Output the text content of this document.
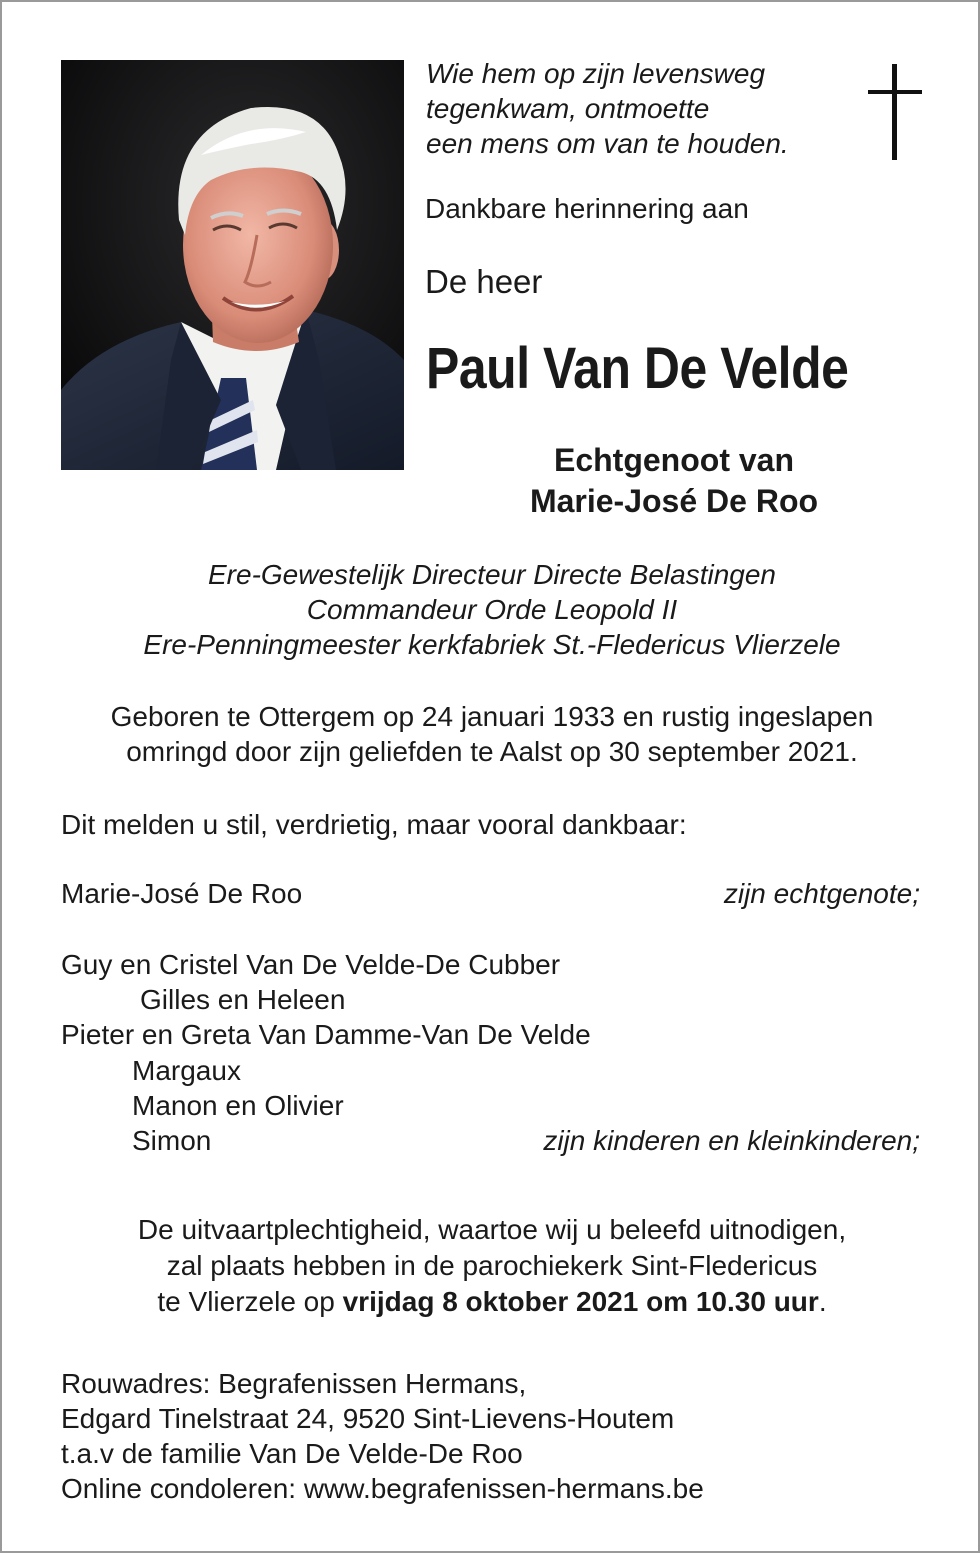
Wie hem op zijn levensweg
tegenkwam, ontmoette
een mens om van te houden.
Dankbare herinnering aan
De heer
Paul Van De Velde
Echtgenoot van
Marie-José De Roo
Ere-Gewestelijk Directeur Directe Belastingen
Commandeur Orde Leopold II
Ere-Penningmeester kerkfabriek St.-Fledericus Vlierzele
Geboren te Ottergem op 24 januari 1933 en rustig ingeslapen
omringd door zijn geliefden te Aalst op 30 september 2021.
Dit melden u stil, verdrietig, maar vooral dankbaar:
Marie-José De Roo	zijn echtgenote;
Guy en Cristel Van De Velde-De Cubber
Gilles en Heleen
Pieter en Greta Van Damme-Van De Velde
Margaux
Manon en Olivier
Simon	zijn kinderen en kleinkinderen;
De uitvaartplechtigheid, waartoe wij u beleefd uitnodigen,
zal plaats hebben in de parochiekerk Sint-Fledericus
te Vlierzele op vrijdag 8 oktober 2021 om 10.30 uur.
Rouwadres: Begrafenissen Hermans,
Edgard Tinelstraat 24, 9520 Sint-Lievens-Houtem
t.a.v de familie Van De Velde-De Roo
Online condoleren: www.begrafenissen-hermans.be
